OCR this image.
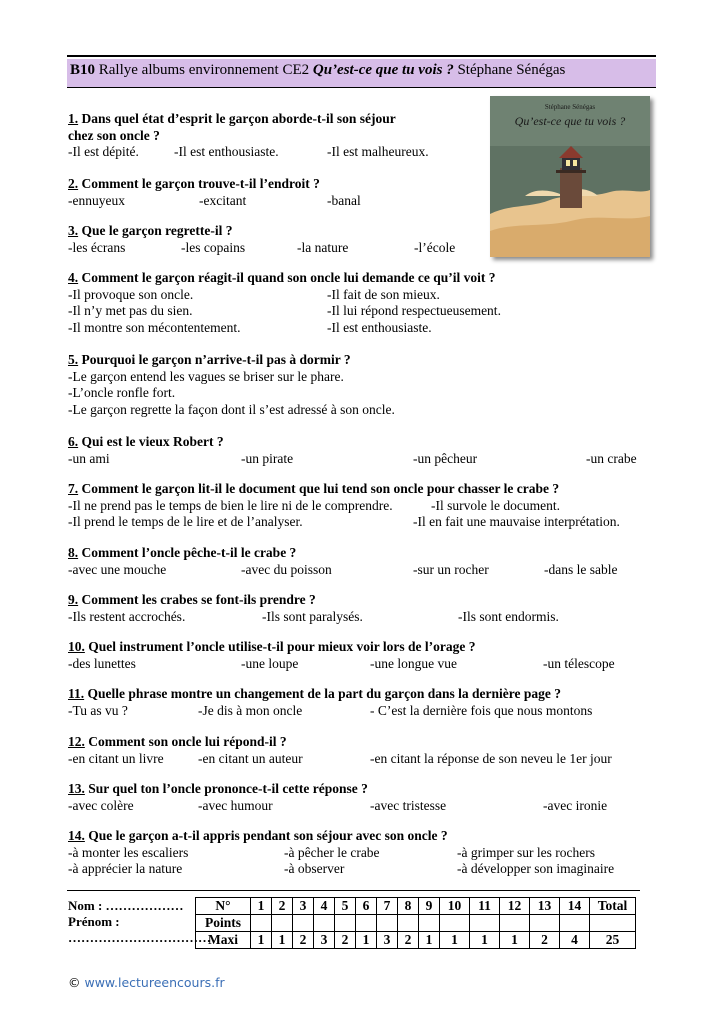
B10 Rallye albums environnement CE2 Qu’est-ce que tu vois ? Stéphane Sénégas
Stéphane Sénégas
Qu’est-ce que tu vois ?
1. Dans quel état d’esprit le garçon aborde-t-il son séjour
chez son oncle ?
-Il est dépité.	-Il est enthousiaste.	-Il est malheureux.
2. Comment le garçon trouve-t-il l’endroit ?
-ennuyeux	-excitant	-banal
3. Que le garçon regrette-il ?
-les écrans	-les copains	-la nature	-l’école
4. Comment le garçon réagit-il quand son oncle lui demande ce qu’il voit ?
-Il provoque son oncle.	-Il fait de son mieux.
-Il n’y met pas du sien.	-Il lui répond respectueusement.
-Il montre son mécontentement.	-Il est enthousiaste.
5. Pourquoi le garçon n’arrive-t-il pas à dormir ?
-Le garçon entend les vagues se briser sur le phare.
-L’oncle ronfle fort.
-Le garçon regrette la façon dont il s’est adressé à son oncle.
6. Qui est le vieux Robert ?
-un ami	-un pirate	-un pêcheur	-un crabe
7. Comment le garçon lit-il le document que lui tend son oncle pour chasser le crabe ?
-Il ne prend pas le temps de bien le lire ni de le comprendre.	-Il survole le document.
-Il prend le temps de le lire et de l’analyser.	-Il en fait une mauvaise interprétation.
8. Comment l’oncle pêche-t-il le crabe ?
-avec une mouche	-avec du poisson	-sur un rocher	-dans le sable
9. Comment les crabes se font-ils prendre ?
-Ils restent accrochés.	-Ils sont paralysés.	-Ils sont endormis.
10. Quel instrument l’oncle utilise-t-il pour mieux voir lors de l’orage ?
-des lunettes	-une loupe	-une longue vue	-un télescope
11. Quelle phrase montre un changement de la part du garçon dans la dernière page ?
-Tu as vu ?	-Je dis à mon oncle	- C’est la dernière fois que nous montons
12. Comment son oncle lui répond-il ?
-en citant un livre	-en citant un auteur	-en citant la réponse de son neveu le 1er jour
13. Sur quel ton l’oncle prononce-t-il cette réponse ?
-avec colère	-avec humour	-avec tristesse	-avec ironie
14. Que le garçon a-t-il appris pendant son séjour avec son oncle ?
-à monter les escaliers	-à pêcher le crabe	-à grimper sur les rochers
-à apprécier la nature	-à observer	-à développer son imaginaire
Nom : ………………
Prénom :
……………………………
N°	1	2	3	4	5	6	7	8	9	10	11	12	13	14	Total
Points															
Maxi	1	1	2	3	2	1	3	2	1	1	1	1	2	4	25
© www.lectureencours.fr
